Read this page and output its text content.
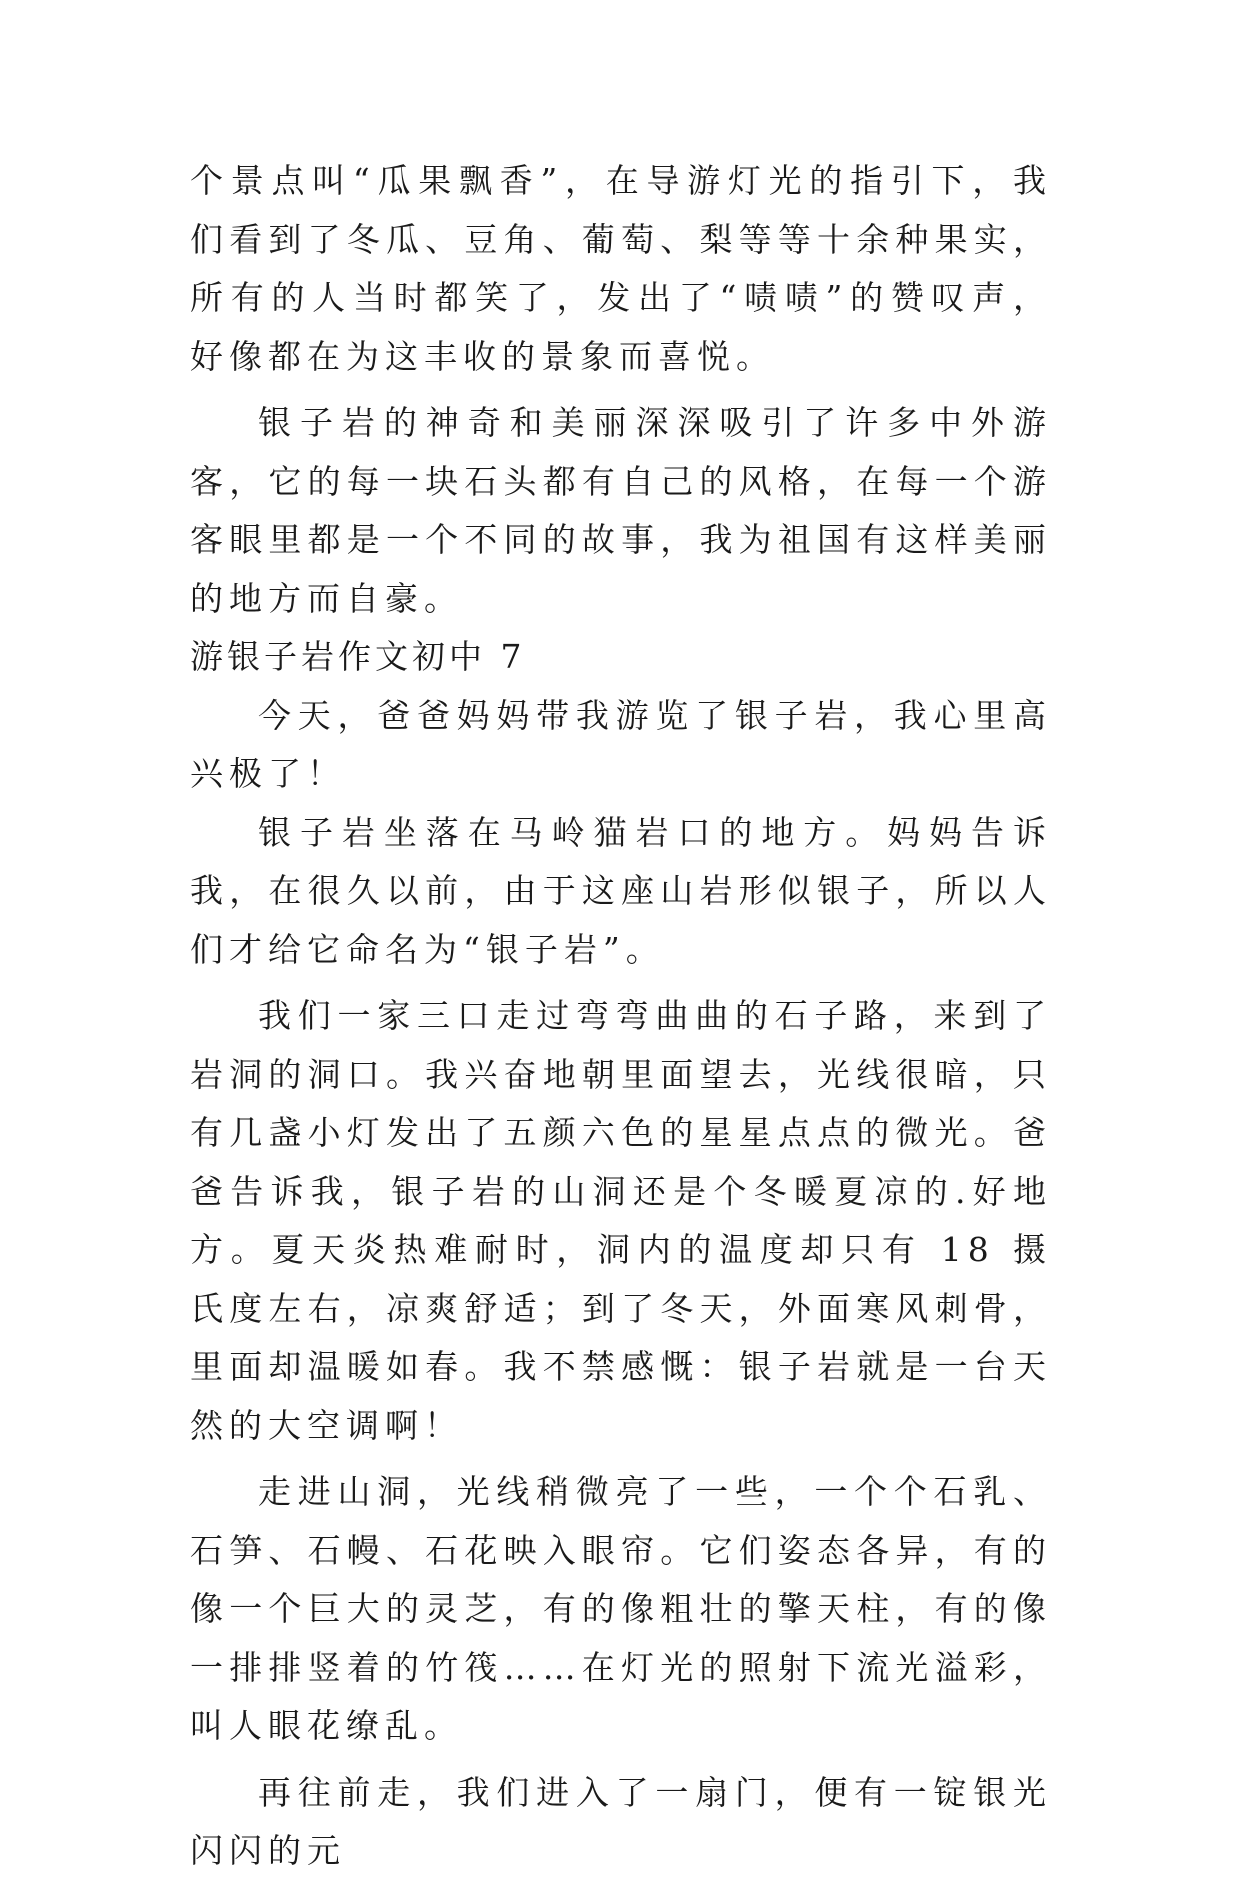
个景点叫“瓜果飘香”，在导游灯光的指引下，我们看到了冬瓜、豆角、葡萄、梨等等十余种果实，所有的人当时都笑了，发出了“啧啧”的赞叹声，好像都在为这丰收的景象而喜悦。

银子岩的神奇和美丽深深吸引了许多中外游客，它的每一块石头都有自己的风格，在每一个游客眼里都是一个不同的故事，我为祖国有这样美丽的地方而自豪。

游银子岩作文初中 7

今天，爸爸妈妈带我游览了银子岩，我心里高兴极了！

银子岩坐落在马岭猫岩口的地方。妈妈告诉我，在很久以前，由于这座山岩形似银子，所以人们才给它命名为“银子岩”。

我们一家三口走过弯弯曲曲的石子路，来到了岩洞的洞口。我兴奋地朝里面望去，光线很暗，只有几盏小灯发出了五颜六色的星星点点的微光。爸爸告诉我，银子岩的山洞还是个冬暖夏凉的.好地方。夏天炎热难耐时，洞内的温度却只有 18 摄氏度左右，凉爽舒适；到了冬天，外面寒风刺骨，里面却温暖如春。我不禁感慨：银子岩就是一台天然的大空调啊！

走进山洞，光线稍微亮了一些，一个个石乳、石笋、石幔、石花映入眼帘。它们姿态各异，有的像一个巨大的灵芝，有的像粗壮的擎天柱，有的像一排排竖着的竹筏……在灯光的照射下流光溢彩，叫人眼花缭乱。

再往前走，我们进入了一扇门，便有一锭银光闪闪的元
